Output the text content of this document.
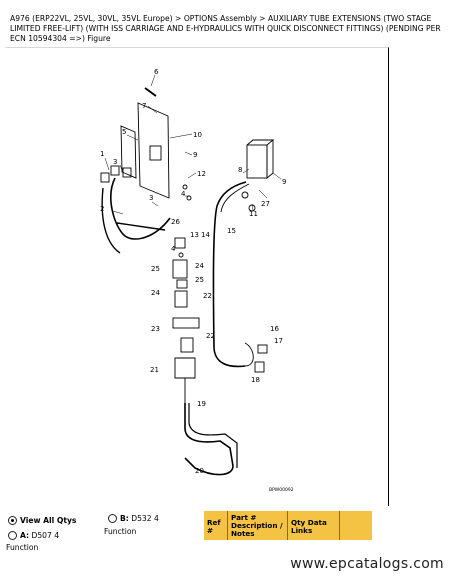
A976 (ERP22VL, 25VL, 30VL, 35VL Europe) > OPTIONS Assembly > AUXILIARY TUBE EXTENSIONS (TWO STAGE LIMITED FREE-LIFT) (WITH ISS CARRIAGE AND E-HYDRAULICS WITH QUICK DISCONNECT FITTINGS) (PENDING PER ECN 10594304 =>) Figure
6
7
5	10
9
1
3
12
4
8
27
9
2
3
11
26
13 14 15
4
25	24
25
24	22
16
17
23
22
18
21
19
20
BPW00092
View All Qtys	B: D532 4
Function
A: D507 4
Function
Ref #
Part # Description / Notes
Qty Data Links
www.epcatalogs.com
